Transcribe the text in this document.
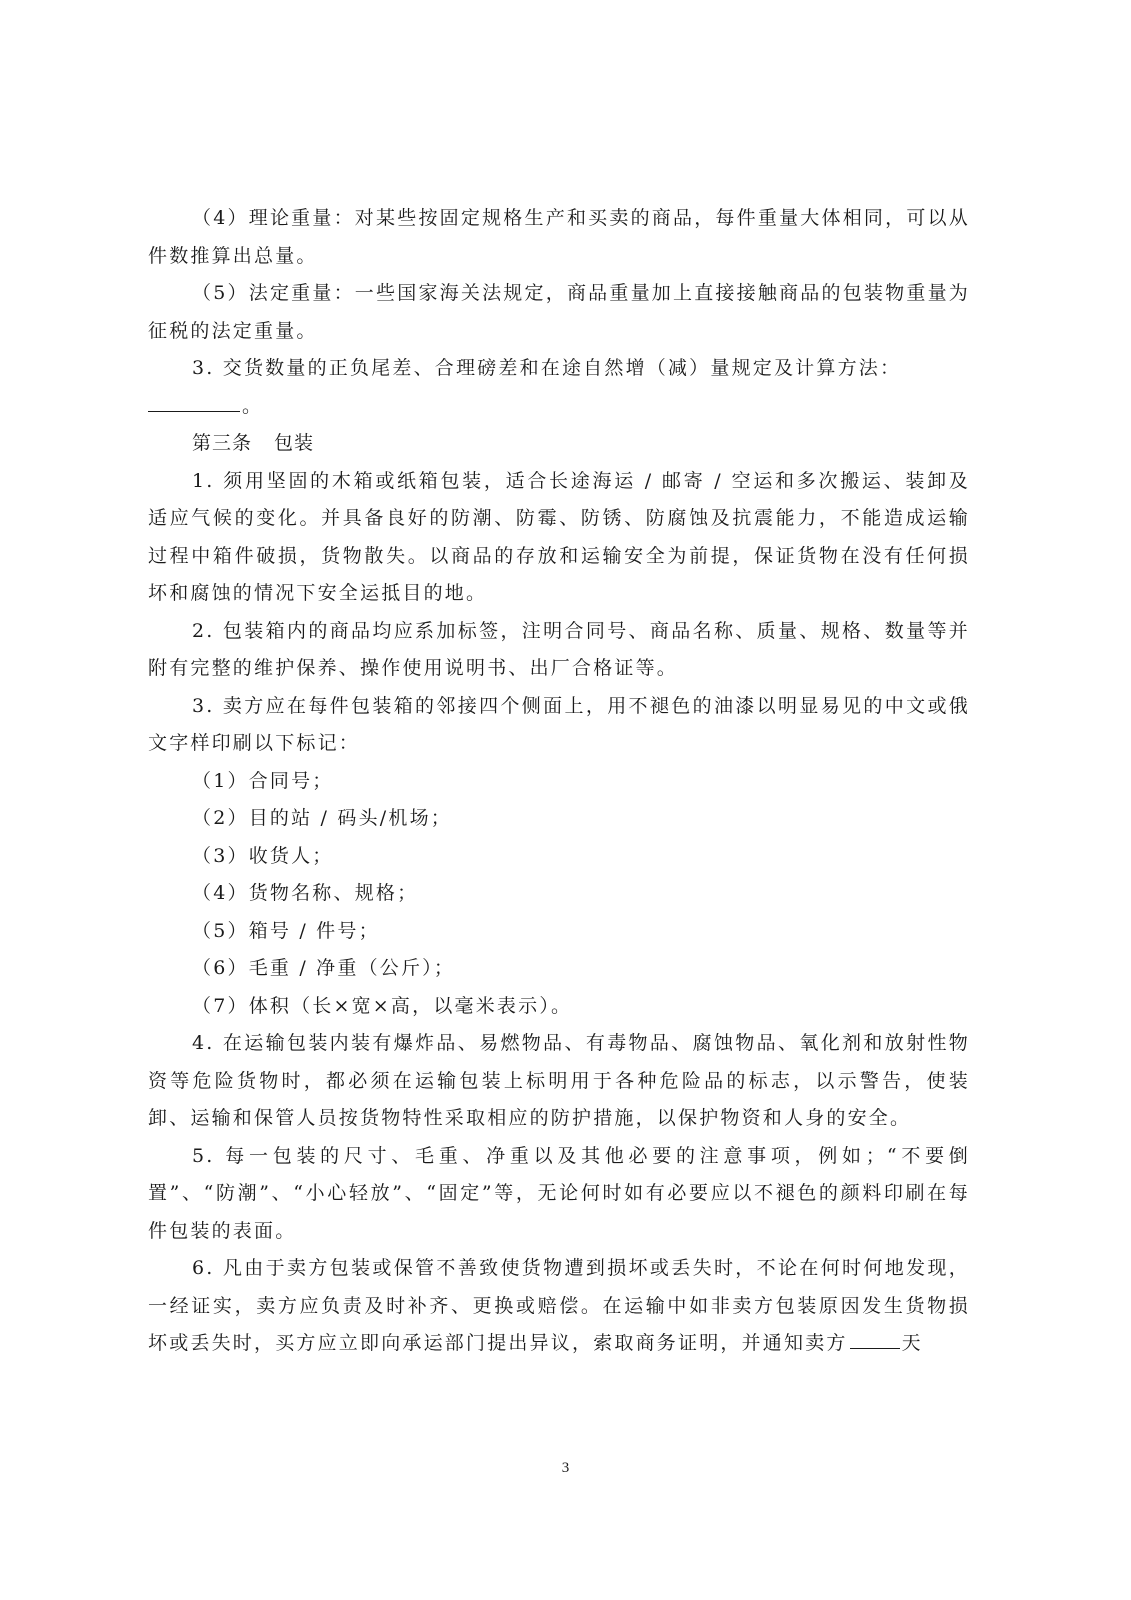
（4）理论重量：对某些按固定规格生产和买卖的商品，每件重量大体相同，可以从件数推算出总量。

（5）法定重量：一些国家海关法规定，商品重量加上直接接触商品的包装物重量为征税的法定重量。

3. 交货数量的正负尾差、合理磅差和在途自然增（减）量规定及计算方法：

。

第三条 包装

1. 须用坚固的木箱或纸箱包装，适合长途海运 / 邮寄 / 空运和多次搬运、装卸及适应气候的变化。并具备良好的防潮、防霉、防锈、防腐蚀及抗震能力，不能造成运输过程中箱件破损，货物散失。以商品的存放和运输安全为前提，保证货物在没有任何损坏和腐蚀的情况下安全运抵目的地。

2. 包装箱内的商品均应系加标签，注明合同号、商品名称、质量、规格、数量等并附有完整的维护保养、操作使用说明书、出厂合格证等。

3. 卖方应在每件包装箱的邻接四个侧面上，用不褪色的油漆以明显易见的中文或俄文字样印刷以下标记：

（1）合同号；

（2）目的站 / 码头/机场；

（3）收货人；

（4）货物名称、规格；

（5）箱号 / 件号；

（6）毛重 / 净重（公斤）；

（7）体积（长×宽×高，以毫米表示）。

4. 在运输包装内装有爆炸品、易燃物品、有毒物品、腐蚀物品、氧化剂和放射性物资等危险货物时，都必须在运输包装上标明用于各种危险品的标志，以示警告，使装卸、运输和保管人员按货物特性采取相应的防护措施，以保护物资和人身的安全。

5. 每一包装的尺寸、毛重、净重以及其他必要的注意事项，例如；“不要倒置”、“防潮”、“小心轻放”、“固定”等，无论何时如有必要应以不褪色的颜料印刷在每件包装的表面。

6. 凡由于卖方包装或保管不善致使货物遭到损坏或丢失时，不论在何时何地发现，一经证实，卖方应负责及时补齐、更换或赔偿。在运输中如非卖方包装原因发生货物损坏或丢失时，买方应立即向承运部门提出异议，索取商务证明，并通知卖方	天

3
